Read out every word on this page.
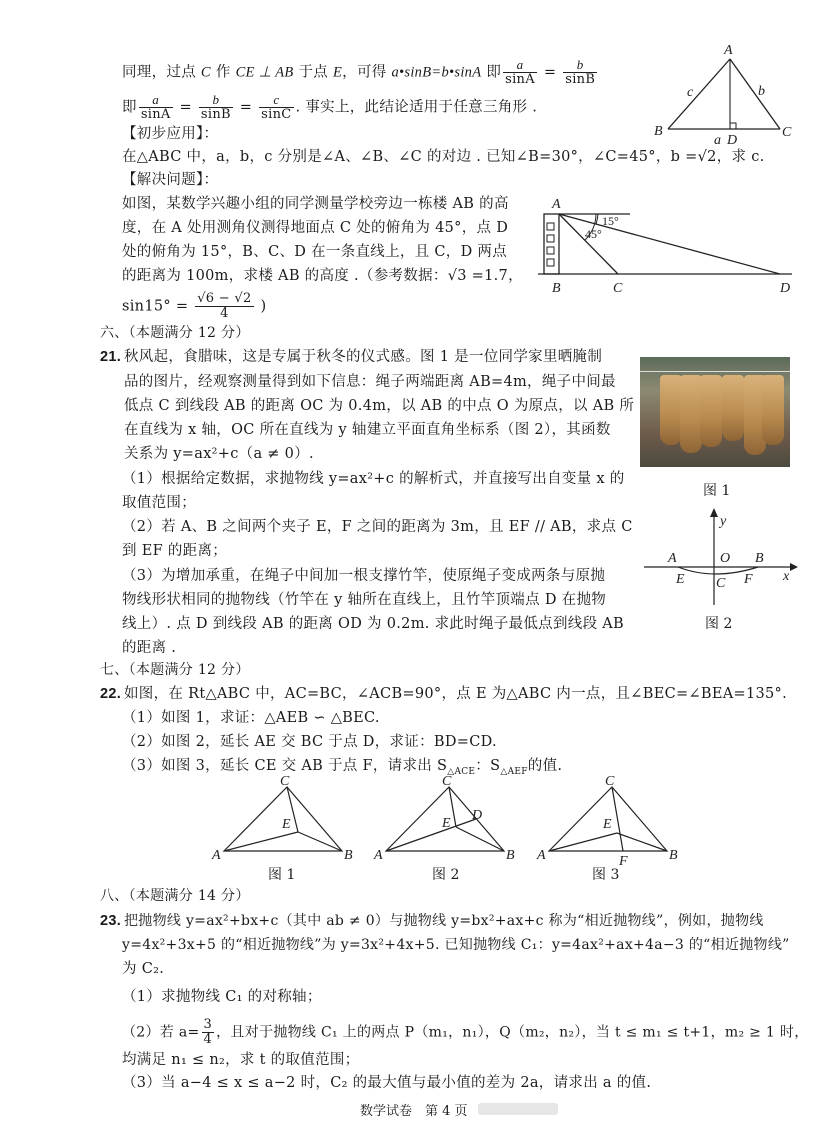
同理，过点 C 作 CE ⊥ AB 于点 E，可得 a•sinB=b•sinA 即 $\frac{a}{\sin A} = \frac{b}{\sin B}$
即 $\frac{a}{\sin A} = \frac{b}{\sin B} = \frac{c}{\sin C}$ . 事实上，此结论适用于任意三角形 .
【初步应用】：
在△ABC 中，a，b，c 分别是∠A、∠B、∠C 的对边 . 已知∠B=30°，∠C=45°，b =√2，求 c.
【解决问题】：
如图，某数学兴趣小组的同学测量学校旁边一栋楼 AB 的高
度，在 A 处用测角仪测得地面点 C 处的俯角为 45°，点 D
处的俯角为 15°，B、C、D 在一条直线上，且 C，D 两点
的距离为 100m，求楼 AB 的高度 .（参考数据：√3 =1.7，
$\sin 15^\circ = \frac{√6 - √2}{4}$ )
A
B	C
D
a
b
c
A
B	C	D
15°
45°
六、（本题满分 12 分）
21. 秋风起，食腊味，这是专属于秋冬的仪式感。图 1 是一位同学家里晒腌制
品的图片，经观察测量得到如下信息：绳子两端距离 AB=4m，绳子中间最
低点 C 到线段 AB 的距离 OC 为 0.4m，以 AB 的中点 O 为原点，以 AB 所
在直线为 x 轴，OC 所在直线为 y 轴建立平面直角坐标系（图 2），其函数
关系为 y=ax²+c（a ≠ 0）.
（1）根据给定数据，求抛物线 y=ax²+c 的解析式，并直接写出自变量 x 的
取值范围；
（2）若 A、B 之间两个夹子 E，F 之间的距离为 3m，且 EF // AB，求点 C
到 EF 的距离；
（3）为增加承重，在绳子中间加一根支撑竹竿，使原绳子变成两条与原抛
物线形状相同的抛物线（竹竿在 y 轴所在直线上，且竹竿顶端点 D 在抛物
线上）. 点 D 到线段 AB 的距离 OD 为 0.2m. 求此时绳子最低点到线段 AB
的距离 .
图 1
y
x
A	O B
E C F
图 2
七、（本题满分 12 分）
22. 如图，在 Rt△ABC 中，AC=BC，∠ACB=90°，点 E 为△ABC 内一点，且∠BEC=∠BEA=135°.
（1）如图 1，求证：△AEB ∽ △BEC.
（2）如图 2，延长 AE 交 BC 于点 D，求证：BD=CD.
（3）如图 3，延长 CE 交 AB 于点 F，请求出 $S_{\triangle ACE}$：$S_{\triangle AEF}$的值.
C
E
A	B
图 1
C
E
D
A	B
图 2
C
E
F
A	B
图 3
八、（本题满分 14 分）
23. 把抛物线 y=ax²+bx+c（其中 ab ≠ 0）与抛物线 y=bx²+ax+c 称为“相近抛物线”，例如，抛物线
y=4x²+3x+5 的“相近抛物线”为 y=3x²+4x+5. 已知抛物线 C₁：y=4ax²+ax+4a−3 的“相近抛物线”
为 C₂.
（1）求抛物线 C₁ 的对称轴；
（2）若 $a= \frac{3}{4}$ ，且对于抛物线 C₁ 上的两点 P（m₁，n₁），Q（m₂，n₂），当 t ≤ m₁ ≤ t+1，m₂ ≥ 1 时，
均满足 n₁ ≤ n₂，求 t 的取值范围；
（3）当 a−4 ≤ x ≤ a−2 时，C₂ 的最大值与最小值的差为 2a，请求出 a 的值.
数学试卷　第 4 页
